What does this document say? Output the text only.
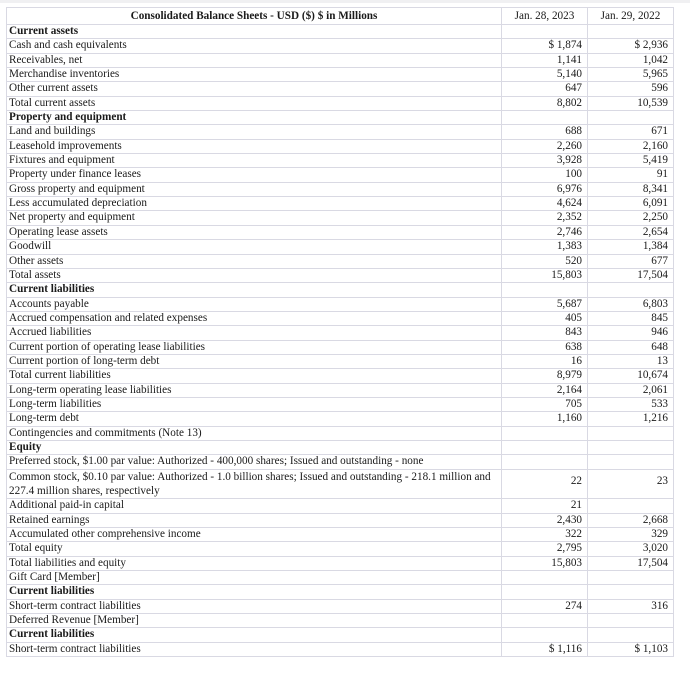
Consolidated Balance Sheets - USD ($) $ in Millions	Jan. 28, 2023	Jan. 29, 2022
Current assets		
Cash and cash equivalents	$ 1,874	$ 2,936
Receivables, net	1,141	1,042
Merchandise inventories	5,140	5,965
Other current assets	647	596
Total current assets	8,802	10,539
Property and equipment		
Land and buildings	688	671
Leasehold improvements	2,260	2,160
Fixtures and equipment	3,928	5,419
Property under finance leases	100	91
Gross property and equipment	6,976	8,341
Less accumulated depreciation	4,624	6,091
Net property and equipment	2,352	2,250
Operating lease assets	2,746	2,654
Goodwill	1,383	1,384
Other assets	520	677
Total assets	15,803	17,504
Current liabilities		
Accounts payable	5,687	6,803
Accrued compensation and related expenses	405	845
Accrued liabilities	843	946
Current portion of operating lease liabilities	638	648
Current portion of long-term debt	16	13
Total current liabilities	8,979	10,674
Long-term operating lease liabilities	2,164	2,061
Long-term liabilities	705	533
Long-term debt	1,160	1,216
Contingencies and commitments (Note 13)		
Equity		
Preferred stock, $1.00 par value: Authorized - 400,000 shares; Issued and outstanding - none		
Common stock, $0.10 par value: Authorized - 1.0 billion shares; Issued and outstanding - 218.1 million and 227.4 million shares, respectively	22	23
Additional paid-in capital	21	
Retained earnings	2,430	2,668
Accumulated other comprehensive income	322	329
Total equity	2,795	3,020
Total liabilities and equity	15,803	17,504
Gift Card [Member]		
Current liabilities		
Short-term contract liabilities	274	316
Deferred Revenue [Member]		
Current liabilities		
Short-term contract liabilities	$ 1,116	$ 1,103
